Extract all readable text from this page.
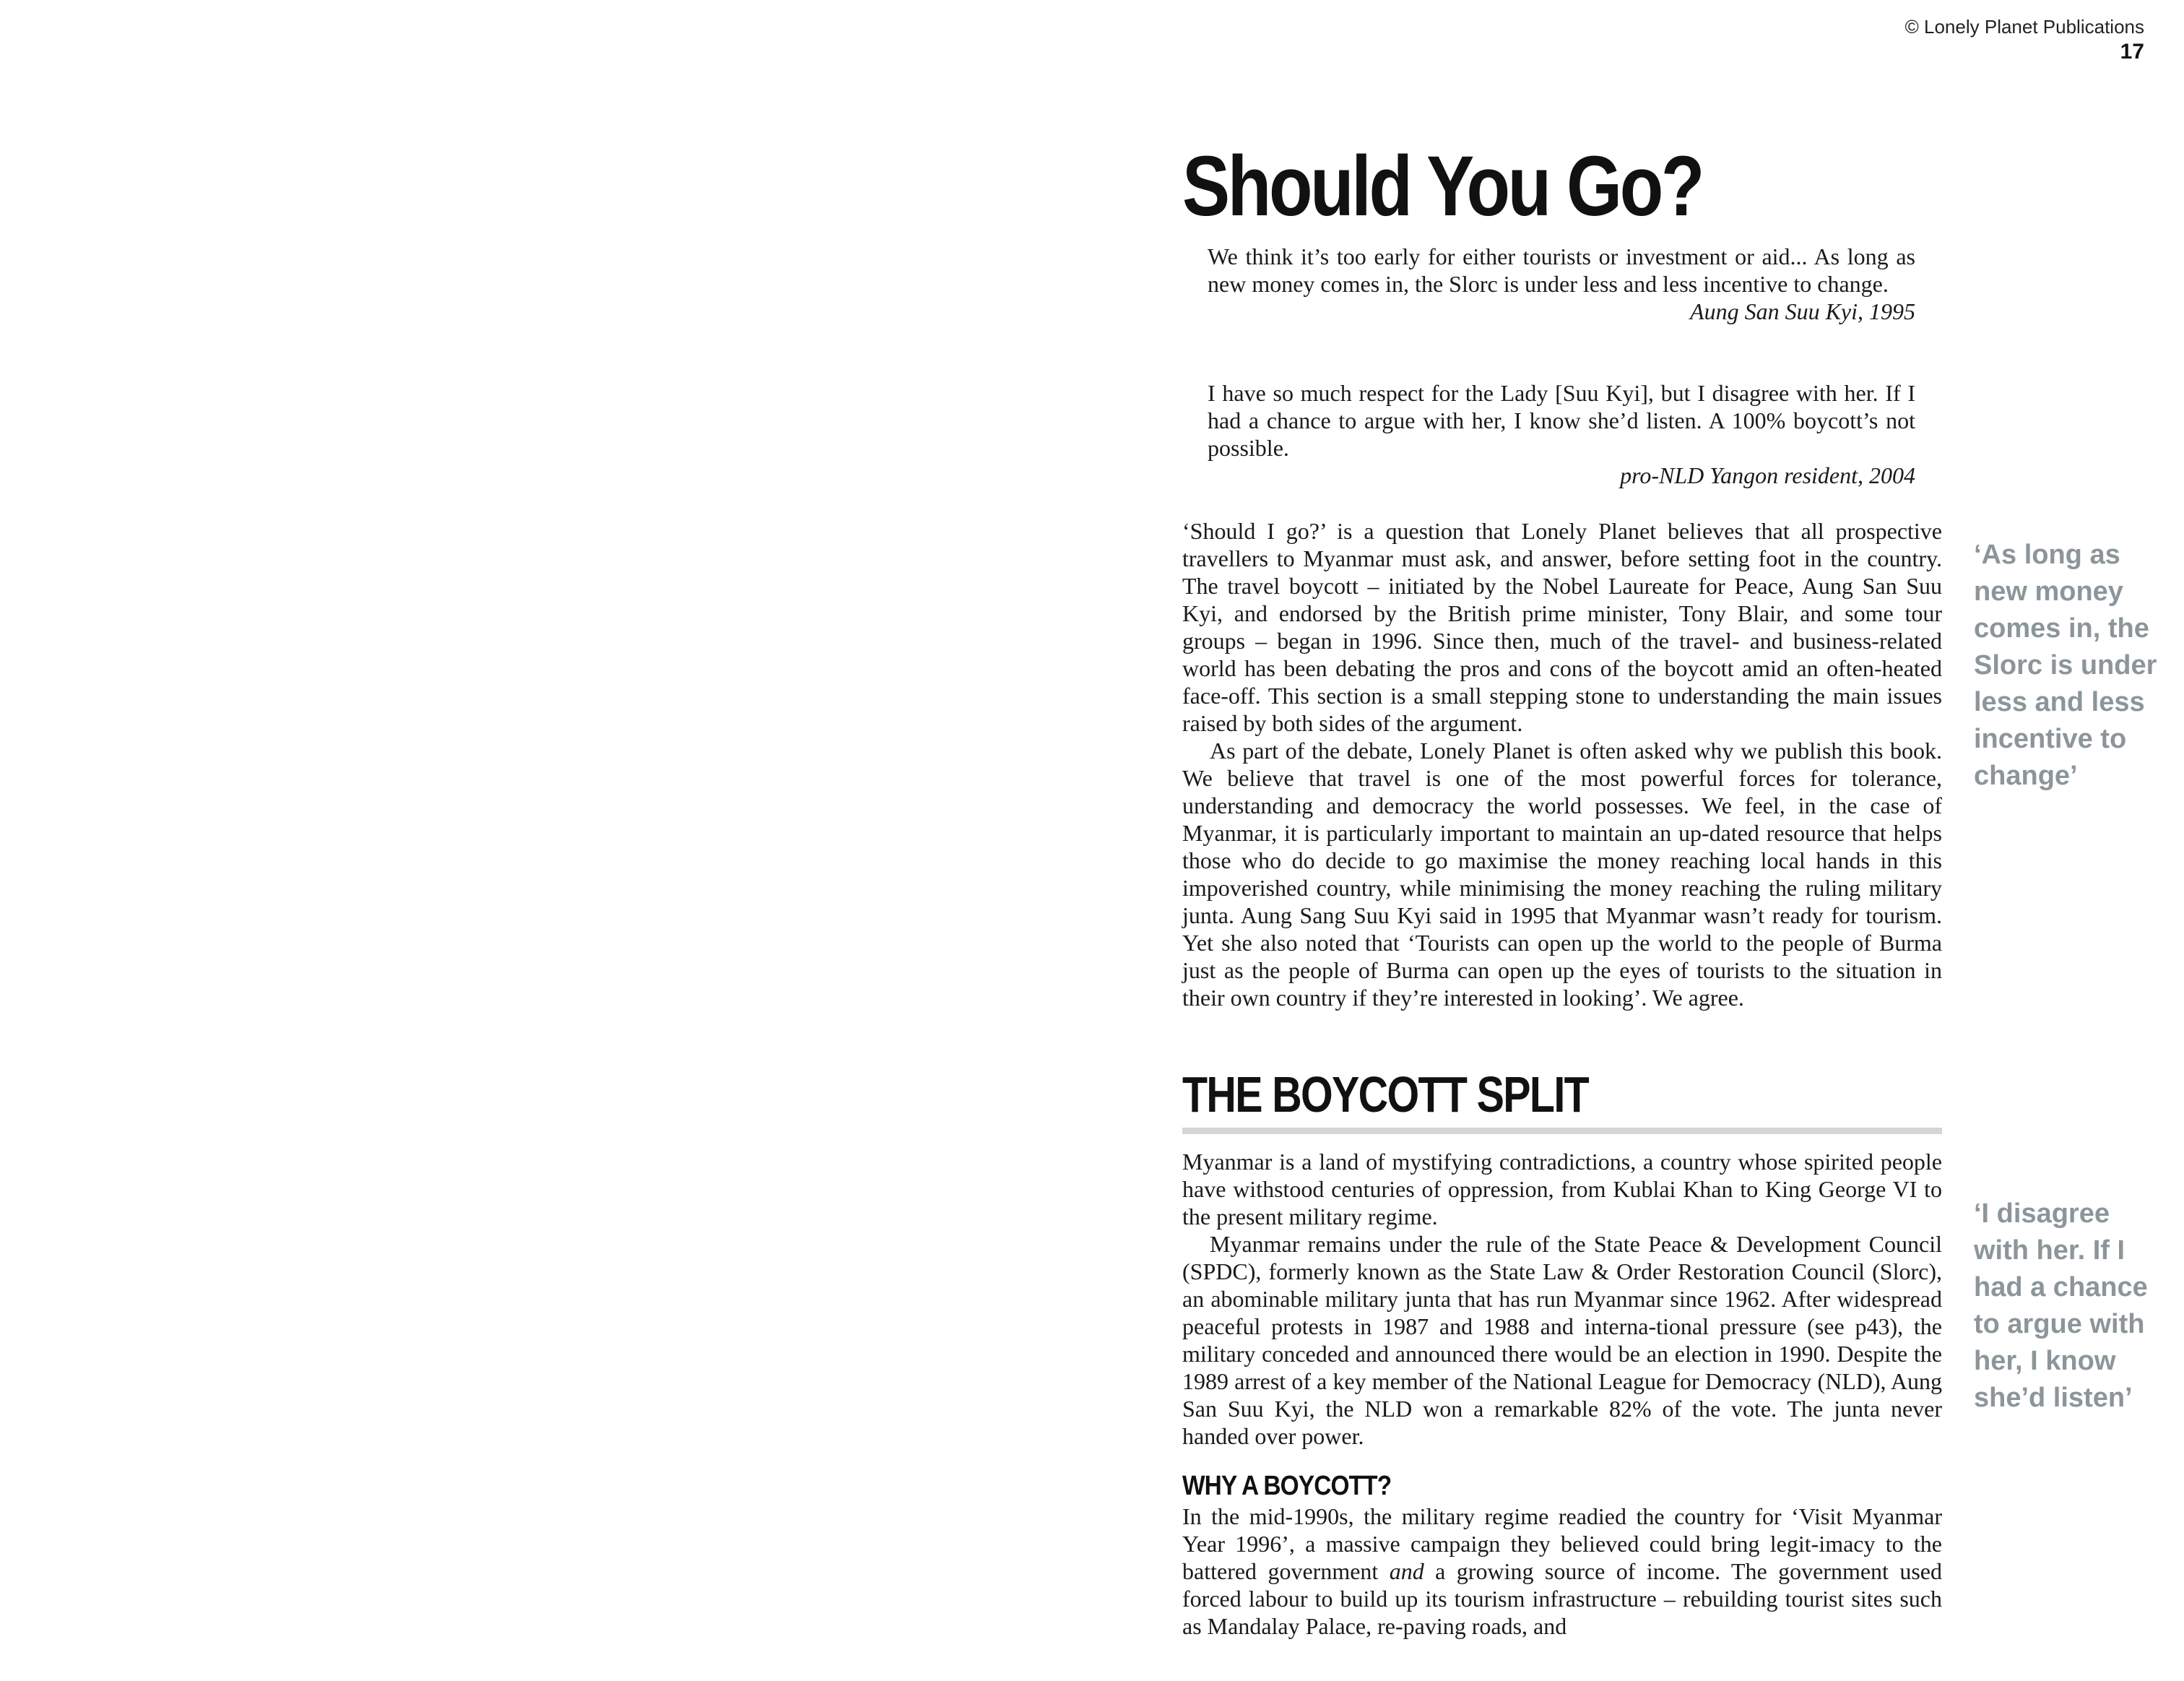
© Lonely Planet Publications
17
Should You Go?

We think it’s too early for either tourists or investment or aid... As long as new money comes in, the Slorc is under less and less incentive to change.

Aung San Suu Kyi, 1995

I have so much respect for the Lady [Suu Kyi], but I disagree with her. If I had a chance to argue with her, I know she’d listen. A 100% boycott’s not possible.

pro-NLD Yangon resident, 2004

‘Should I go?’ is a question that Lonely Planet believes that all prospective travellers to Myanmar must ask, and answer, before setting foot in the country. The travel boycott – initiated by the Nobel Laureate for Peace, Aung San Suu Kyi, and endorsed by the British prime minister, Tony Blair, and some tour groups – began in 1996. Since then, much of the travel- and business-related world has been debating the pros and cons of the boycott amid an often-heated face-off. This section is a small stepping stone to understanding the main issues raised by both sides of the argument.

As part of the debate, Lonely Planet is often asked why we publish this book. We believe that travel is one of the most powerful forces for tolerance, understanding and democracy the world possesses. We feel, in the case of Myanmar, it is particularly important to maintain an up-dated resource that helps those who do decide to go maximise the money reaching local hands in this impoverished country, while minimising the money reaching the ruling military junta. Aung Sang Suu Kyi said in 1995 that Myanmar wasn’t ready for tourism. Yet she also noted that ‘Tourists can open up the world to the people of Burma just as the people of Burma can open up the eyes of tourists to the situation in their own country if they’re interested in looking’. We agree.

THE BOYCOTT SPLIT

Myanmar is a land of mystifying contradictions, a country whose spirited people have withstood centuries of oppression, from Kublai Khan to King George VI to the present military regime.

Myanmar remains under the rule of the State Peace & Development Council (SPDC), formerly known as the State Law & Order Restoration Council (Slorc), an abominable military junta that has run Myanmar since 1962. After widespread peaceful protests in 1987 and 1988 and interna-tional pressure (see p43), the military conceded and announced there would be an election in 1990. Despite the 1989 arrest of a key member of the National League for Democracy (NLD), Aung San Suu Kyi, the NLD won a remarkable 82% of the vote. The junta never handed over power.

WHY A BOYCOTT?

In the mid-1990s, the military regime readied the country for ‘Visit Myanmar Year 1996’, a massive campaign they believed could bring legit-imacy to the battered government and a growing source of income. The government used forced labour to build up its tourism infrastructure – rebuilding tourist sites such as Mandalay Palace, re-paving roads, and

‘As long as new money comes in, the Slorc is under less and less incentive to change’
‘I disagree with her. If I had a chance to argue with her, I know she’d listen’
